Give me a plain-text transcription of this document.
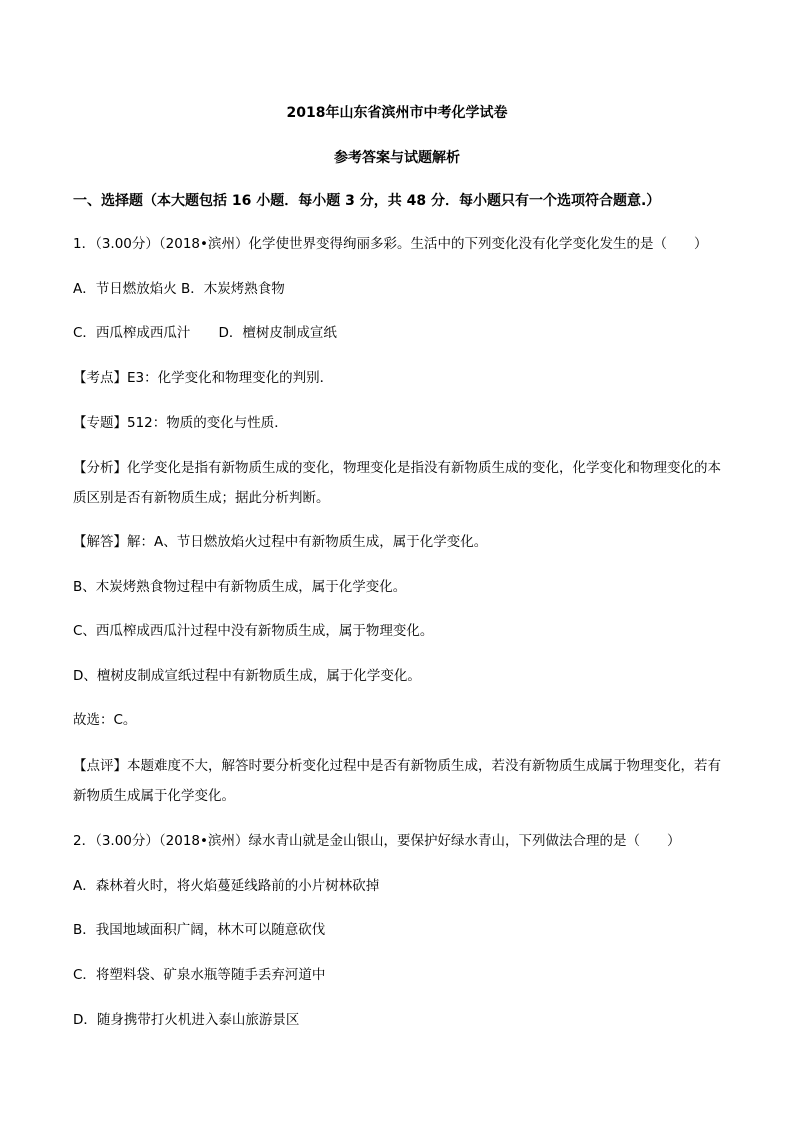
2018年山东省滨州市中考化学试卷
参考答案与试题解析
一、选择题（本大题包括 16 小题．每小题 3 分，共 48 分．每小题只有一个选项符合题意.）
1．（3.00分）（2018•滨州）化学使世界变得绚丽多彩。生活中的下列变化没有化学变化发生的是（　　）
A．节日燃放焰火 B．木炭烤熟食物
C．西瓜榨成西瓜汁 D．檀树皮制成宣纸
【考点】E3：化学变化和物理变化的判别．
【专题】512：物质的变化与性质．
【分析】化学变化是指有新物质生成的变化，物理变化是指没有新物质生成的变化，化学变化和物理变化的本质区别是否有新物质生成；据此分析判断。
【解答】解：A、节日燃放焰火过程中有新物质生成，属于化学变化。
B、木炭烤熟食物过程中有新物质生成，属于化学变化。
C、西瓜榨成西瓜汁过程中没有新物质生成，属于物理变化。
D、檀树皮制成宣纸过程中有新物质生成，属于化学变化。
故选：C。
【点评】本题难度不大，解答时要分析变化过程中是否有新物质生成，若没有新物质生成属于物理变化，若有新物质生成属于化学变化。
2．（3.00分）（2018•滨州）绿水青山就是金山银山，要保护好绿水青山，下列做法合理的是（　　）
A．森林着火时，将火焰蔓延线路前的小片树林砍掉
B．我国地域面积广阔，林木可以随意砍伐
C．将塑料袋、矿泉水瓶等随手丢弃河道中
D．随身携带打火机进入泰山旅游景区
